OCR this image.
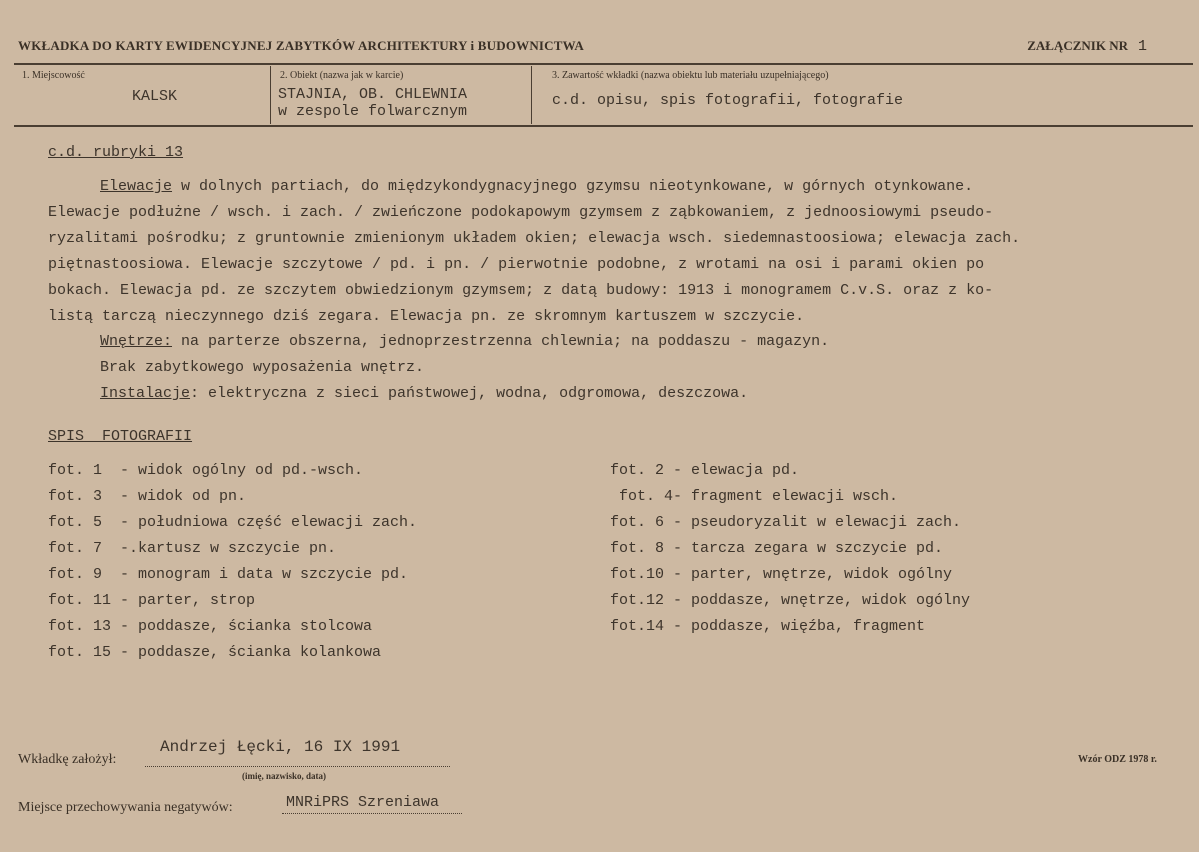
WKŁADKA DO KARTY EWIDENCYJNEJ ZABYTKÓW ARCHITEKTURY i BUDOWNICTWA	ZAŁĄCZNIK NR 1
1. Miejscowość
KALSK
2. Obiekt (nazwa jak w karcie)
STAJNIA, OB. CHLEWNIA
w zespole folwarcznym
3. Zawartość wkładki (nazwa obiektu lub materiału uzupełniającego)
c.d. opisu, spis fotografii, fotografie
c.d. rubryki 13
Elewacje w dolnych partiach, do międzykondygnacyjnego gzymsu nieotynkowane, w górnych otynkowane.
Elewacje podłużne / wsch. i zach. / zwieńczone podokapowym gzymsem z ząbkowaniem, z jednoosiowymi pseudo-
ryzalitami pośrodku; z gruntownie zmienionym układem okien; elewacja wsch. siedemnastoosiowa; elewacja zach.
piętnastoosiowa. Elewacje szczytowe / pd. i pn. / pierwotnie podobne, z wrotami na osi i parami okien po
bokach. Elewacja pd. ze szczytem obwiedzionym gzymsem; z datą budowy: 1913 i monogramem C.v.S. oraz z ko-
listą tarczą nieczynnego dziś zegara. Elewacja pn. ze skromnym kartuszem w szczycie.
Wnętrze: na parterze obszerna, jednoprzestrzenna chlewnia; na poddaszu - magazyn.
Brak zabytkowego wyposażenia wnętrz.
Instalacje: elektryczna z sieci państwowej, wodna, odgromowa, deszczowa.
SPIS  FOTOGRAFII
fot. 1  - widok ogólny od pd.-wsch.
fot. 3  - widok od pn.
fot. 5  - południowa część elewacji zach.
fot. 7  -.kartusz w szczycie pn.
fot. 9  - monogram i data w szczycie pd.
fot. 11 - parter, strop
fot. 13 - poddasze, ścianka stolcowa
fot. 15 - poddasze, ścianka kolankowa
fot. 2 - elewacja pd.
fot. 4- fragment elewacji wsch.
fot. 6 - pseudoryzalit w elewacji zach.
fot. 8 - tarcza zegara w szczycie pd.
fot.10 - parter, wnętrze, widok ogólny
fot.12 - poddasze, wnętrze, widok ogólny
fot.14 - poddasze, więźba, fragment
Andrzej Łęcki, 16 IX 1991
Wkładkę założył:
(imię, nazwisko, data)
Miejsce przechowywania negatywów:	MNRiPRS Szreniawa
Wzór ODZ 1978 r.
